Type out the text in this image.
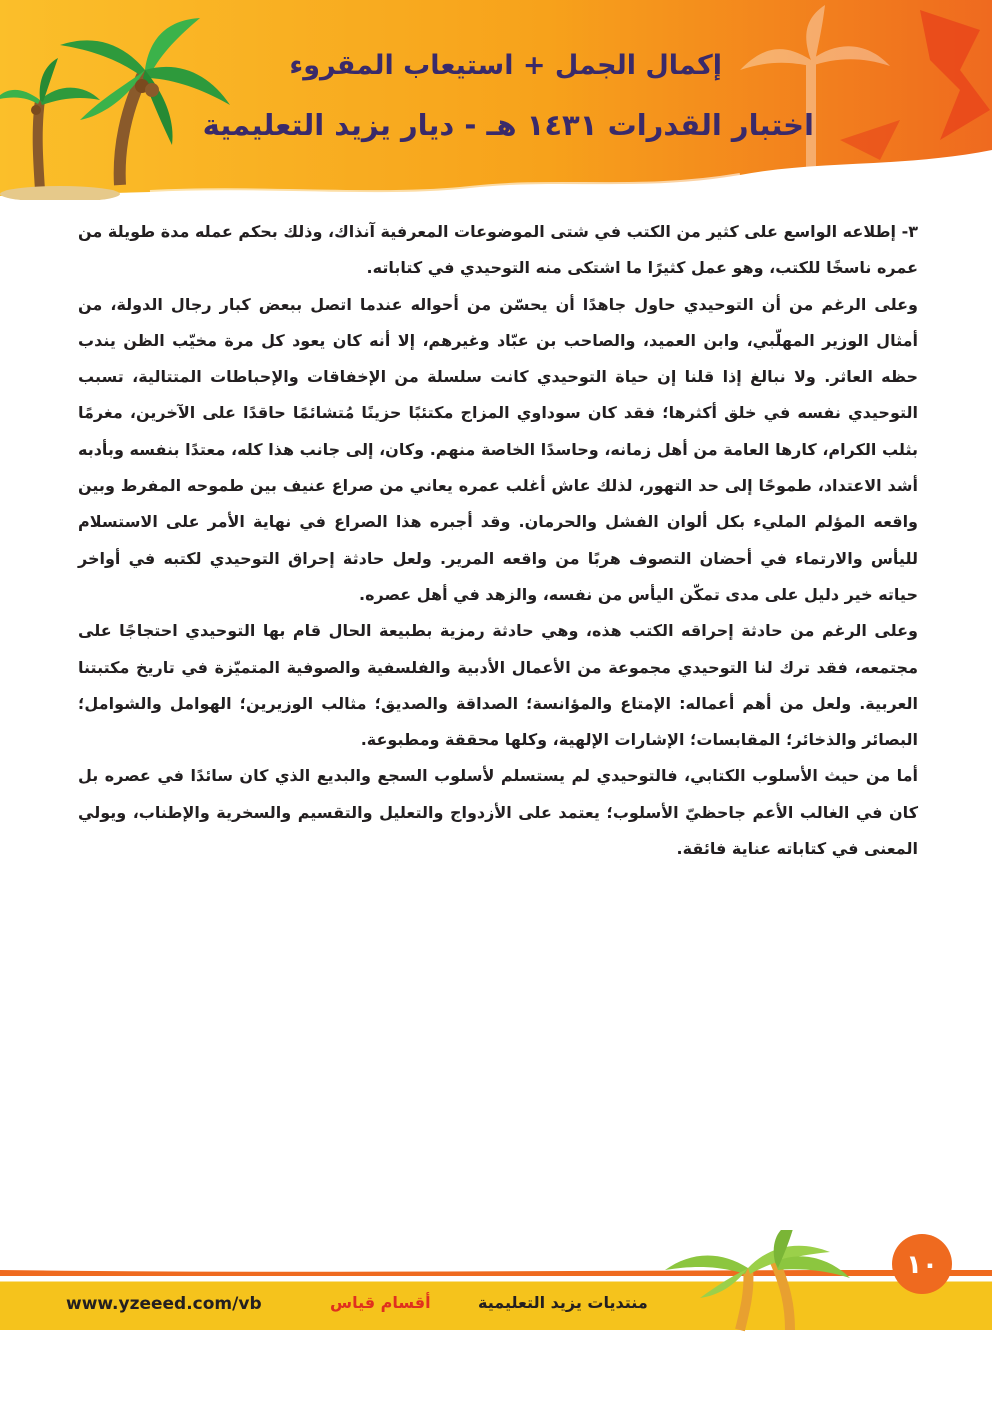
إكمال الجمل + استيعاب المقروء
اختبار القدرات ١٤٣١ هـ - ديار يزيد التعليمية

٣- إطلاعه الواسع على كثير من الكتب في شتى الموضوعات المعرفية آنذاك، وذلك بحكم عمله مدة طويلة من عمره ناسخًا للكتب، وهو عمل كثيرًا ما اشتكى منه التوحيدي في كتاباته.

وعلى الرغم من أن التوحيدي حاول جاهدًا أن يحسّن من أحواله عندما اتصل ببعض كبار رجال الدولة، من أمثال الوزير المهلّبي، وابن العميد، والصاحب بن عبّاد وغيرهم، إلا أنه كان يعود كل مرة مخيّب الظن يندب حظه العاثر. ولا نبالغ إذا قلنا إن حياة التوحيدي كانت سلسلة من الإخفاقات والإحباطات المتتالية، تسبب التوحيدي نفسه في خلق أكثرها؛ فقد كان سوداوي المزاج مكتئبًا حزينًا مُتشائمًا حاقدًا على الآخرين، مغرمًا بثلب الكرام، كارها العامة من أهل زمانه، وحاسدًا الخاصة منهم. وكان، إلى جانب هذا كله، معتدًا بنفسه وبأدبه أشد الاعتداد، طموحًا إلى حد التهور، لذلك عاش أغلب عمره يعاني من صراع عنيف بين طموحه المفرط وبين واقعه المؤلم المليء بكل ألوان الفشل والحرمان. وقد أجبره هذا الصراع في نهاية الأمر على الاستسلام لليأس والارتماء في أحضان التصوف هربًا من واقعه المرير. ولعل حادثة إحراق التوحيدي لكتبه في أواخر حياته خير دليل على مدى تمكّن اليأس من نفسه، والزهد في أهل عصره.

وعلى الرغم من حادثة إحراقه الكتب هذه، وهي حادثة رمزية بطبيعة الحال قام بها التوحيدي احتجاجًا على مجتمعه، فقد ترك لنا التوحيدي مجموعة من الأعمال الأدبية والفلسفية والصوفية المتميّزة في تاريخ مكتبتنا العربية. ولعل من أهم أعماله: الإمتاع والمؤانسة؛ الصداقة والصديق؛ مثالب الوزيرين؛ الهوامل والشوامل؛ البصائر والذخائر؛ المقابسات؛ الإشارات الإلهية، وكلها محققة ومطبوعة.

أما من حيث الأسلوب الكتابي، فالتوحيدي لم يستسلم لأسلوب السجع والبديع الذي كان سائدًا في عصره بل كان في الغالب الأعم جاحظيّ الأسلوب؛ يعتمد على الأزدواج والتعليل والتقسيم والسخرية والإطناب، ويولي المعنى في كتاباته عناية فائقة.

١٠
www.yzeeed.com/vb	أقسام قياس	منتديات يزيد التعليمية
